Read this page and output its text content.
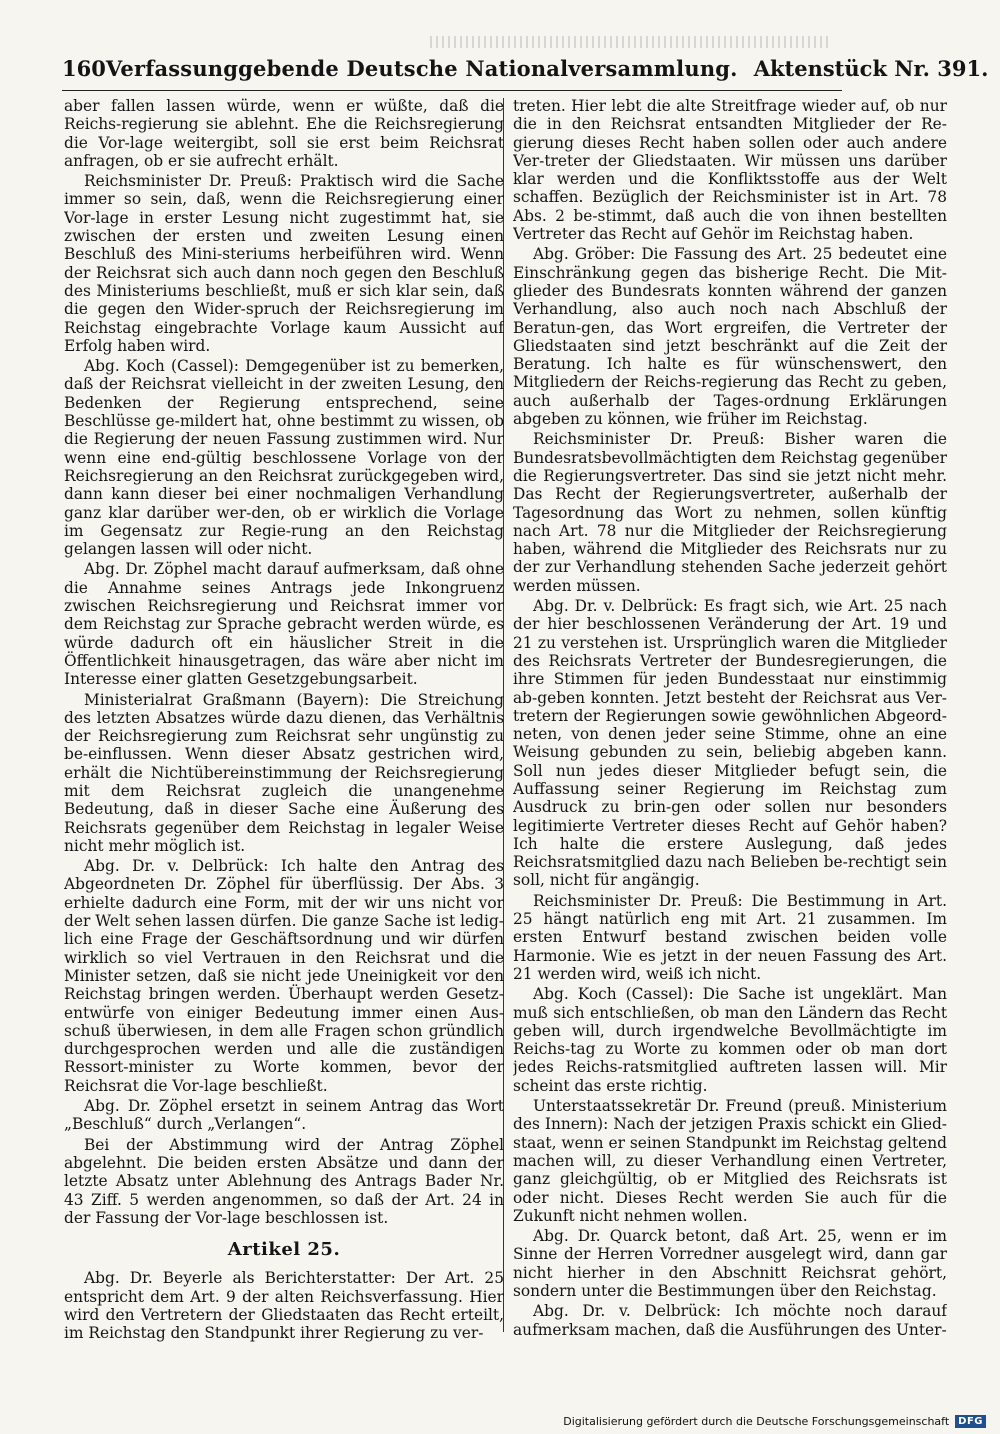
160 Verfassunggebende Deutsche Nationalversammlung. Aktenstück Nr. 391.

aber fallen lassen würde, wenn er wüßte, daß die Reichs-regierung sie ablehnt. Ehe die Reichsregierung die Vor-lage weitergibt, soll sie erst beim Reichsrat anfragen, ob er sie aufrecht erhält.

Reichsminister Dr. Preuß: Praktisch wird die Sache immer so sein, daß, wenn die Reichsregierung einer Vor-lage in erster Lesung nicht zugestimmt hat, sie zwischen der ersten und zweiten Lesung einen Beschluß des Mini-steriums herbeiführen wird. Wenn der Reichsrat sich auch dann noch gegen den Beschluß des Ministeriums beschließt, muß er sich klar sein, daß die gegen den Wider-spruch der Reichsregierung im Reichstag eingebrachte Vorlage kaum Aussicht auf Erfolg haben wird.

Abg. Koch (Cassel): Demgegenüber ist zu bemerken, daß der Reichsrat vielleicht in der zweiten Lesung, den Bedenken der Regierung entsprechend, seine Beschlüsse ge-mildert hat, ohne bestimmt zu wissen, ob die Regierung der neuen Fassung zustimmen wird. Nur wenn eine end-gültig beschlossene Vorlage von der Reichsregierung an den Reichsrat zurückgegeben wird, dann kann dieser bei einer nochmaligen Verhandlung ganz klar darüber wer-den, ob er wirklich die Vorlage im Gegensatz zur Regie-rung an den Reichstag gelangen lassen will oder nicht.

Abg. Dr. Zöphel macht darauf aufmerksam, daß ohne die Annahme seines Antrags jede Inkongruenz zwischen Reichsregierung und Reichsrat immer vor dem Reichstag zur Sprache gebracht werden würde, es würde dadurch oft ein häuslicher Streit in die Öffentlichkeit hinausgetragen, das wäre aber nicht im Interesse einer glatten Gesetzgebungsarbeit.

Ministerialrat Graßmann (Bayern): Die Streichung des letzten Absatzes würde dazu dienen, das Verhältnis der Reichsregierung zum Reichsrat sehr ungünstig zu be-einflussen. Wenn dieser Absatz gestrichen wird, erhält die Nichtübereinstimmung der Reichsregierung mit dem Reichsrat zugleich die unangenehme Bedeutung, daß in dieser Sache eine Äußerung des Reichsrats gegenüber dem Reichstag in legaler Weise nicht mehr möglich ist.

Abg. Dr. v. Delbrück: Ich halte den Antrag des Abgeordneten Dr. Zöphel für überflüssig. Der Abs. 3 erhielte dadurch eine Form, mit der wir uns nicht vor der Welt sehen lassen dürfen. Die ganze Sache ist ledig-lich eine Frage der Geschäftsordnung und wir dürfen wirklich so viel Vertrauen in den Reichsrat und die Minister setzen, daß sie nicht jede Uneinigkeit vor den Reichstag bringen werden. Überhaupt werden Gesetz-entwürfe von einiger Bedeutung immer einen Aus-schuß überwiesen, in dem alle Fragen schon gründlich durchgesprochen werden und alle die zuständigen Ressort-minister zu Worte kommen, bevor der Reichsrat die Vor-lage beschließt.

Abg. Dr. Zöphel ersetzt in seinem Antrag das Wort „Beschluß“ durch „Verlangen“.

Bei der Abstimmung wird der Antrag Zöphel abgelehnt. Die beiden ersten Absätze und dann der letzte Absatz unter Ablehnung des Antrags Bader Nr. 43 Ziff. 5 werden angenommen, so daß der Art. 24 in der Fassung der Vor-lage beschlossen ist.

Artikel 25.

Abg. Dr. Beyerle als Berichterstatter: Der Art. 25 entspricht dem Art. 9 der alten Reichsverfassung. Hier wird den Vertretern der Gliedstaaten das Recht erteilt, im Reichstag den Standpunkt ihrer Regierung zu ver-

treten. Hier lebt die alte Streitfrage wieder auf, ob nur die in den Reichsrat entsandten Mitglieder der Re-gierung dieses Recht haben sollen oder auch andere Ver-treter der Gliedstaaten. Wir müssen uns darüber klar werden und die Konfliktsstoffe aus der Welt schaffen. Bezüglich der Reichsminister ist in Art. 78 Abs. 2 be-stimmt, daß auch die von ihnen bestellten Vertreter das Recht auf Gehör im Reichstag haben.

Abg. Gröber: Die Fassung des Art. 25 bedeutet eine Einschränkung gegen das bisherige Recht. Die Mit-glieder des Bundesrats konnten während der ganzen Verhandlung, also auch noch nach Abschluß der Beratun-gen, das Wort ergreifen, die Vertreter der Gliedstaaten sind jetzt beschränkt auf die Zeit der Beratung. Ich halte es für wünschenswert, den Mitgliedern der Reichs-regierung das Recht zu geben, auch außerhalb der Tages-ordnung Erklärungen abgeben zu können, wie früher im Reichstag.

Reichsminister Dr. Preuß: Bisher waren die Bundesratsbevollmächtigten dem Reichstag gegenüber die Regierungsvertreter. Das sind sie jetzt nicht mehr. Das Recht der Regierungsvertreter, außerhalb der Tagesordnung das Wort zu nehmen, sollen künftig nach Art. 78 nur die Mitglieder der Reichsregierung haben, während die Mitglieder des Reichsrats nur zu der zur Verhandlung stehenden Sache jederzeit gehört werden müssen.

Abg. Dr. v. Delbrück: Es fragt sich, wie Art. 25 nach der hier beschlossenen Veränderung der Art. 19 und 21 zu verstehen ist. Ursprünglich waren die Mitglieder des Reichsrats Vertreter der Bundesregierungen, die ihre Stimmen für jeden Bundesstaat nur einstimmig ab-geben konnten. Jetzt besteht der Reichsrat aus Ver-tretern der Regierungen sowie gewöhnlichen Abgeord-neten, von denen jeder seine Stimme, ohne an eine Weisung gebunden zu sein, beliebig abgeben kann. Soll nun jedes dieser Mitglieder befugt sein, die Auffassung seiner Regierung im Reichstag zum Ausdruck zu brin-gen oder sollen nur besonders legitimierte Vertreter dieses Recht auf Gehör haben? Ich halte die erstere Auslegung, daß jedes Reichsratsmitglied dazu nach Belieben be-rechtigt sein soll, nicht für angängig.

Reichsminister Dr. Preuß: Die Bestimmung in Art. 25 hängt natürlich eng mit Art. 21 zusammen. Im ersten Entwurf bestand zwischen beiden volle Harmonie. Wie es jetzt in der neuen Fassung des Art. 21 werden wird, weiß ich nicht.

Abg. Koch (Cassel): Die Sache ist ungeklärt. Man muß sich entschließen, ob man den Ländern das Recht geben will, durch irgendwelche Bevollmächtigte im Reichs-tag zu Worte zu kommen oder ob man dort jedes Reichs-ratsmitglied auftreten lassen will. Mir scheint das erste richtig.

Unterstaatssekretär Dr. Freund (preuß. Ministerium des Innern): Nach der jetzigen Praxis schickt ein Glied-staat, wenn er seinen Standpunkt im Reichstag geltend machen will, zu dieser Verhandlung einen Vertreter, ganz gleichgültig, ob er Mitglied des Reichsrats ist oder nicht. Dieses Recht werden Sie auch für die Zukunft nicht nehmen wollen.

Abg. Dr. Quarck betont, daß Art. 25, wenn er im Sinne der Herren Vorredner ausgelegt wird, dann gar nicht hierher in den Abschnitt Reichsrat gehört, sondern unter die Bestimmungen über den Reichstag.

Abg. Dr. v. Delbrück: Ich möchte noch darauf aufmerksam machen, daß die Ausführungen des Unter-

Digitalisierung gefördert durch die Deutsche Forschungsgemeinschaft DFG
